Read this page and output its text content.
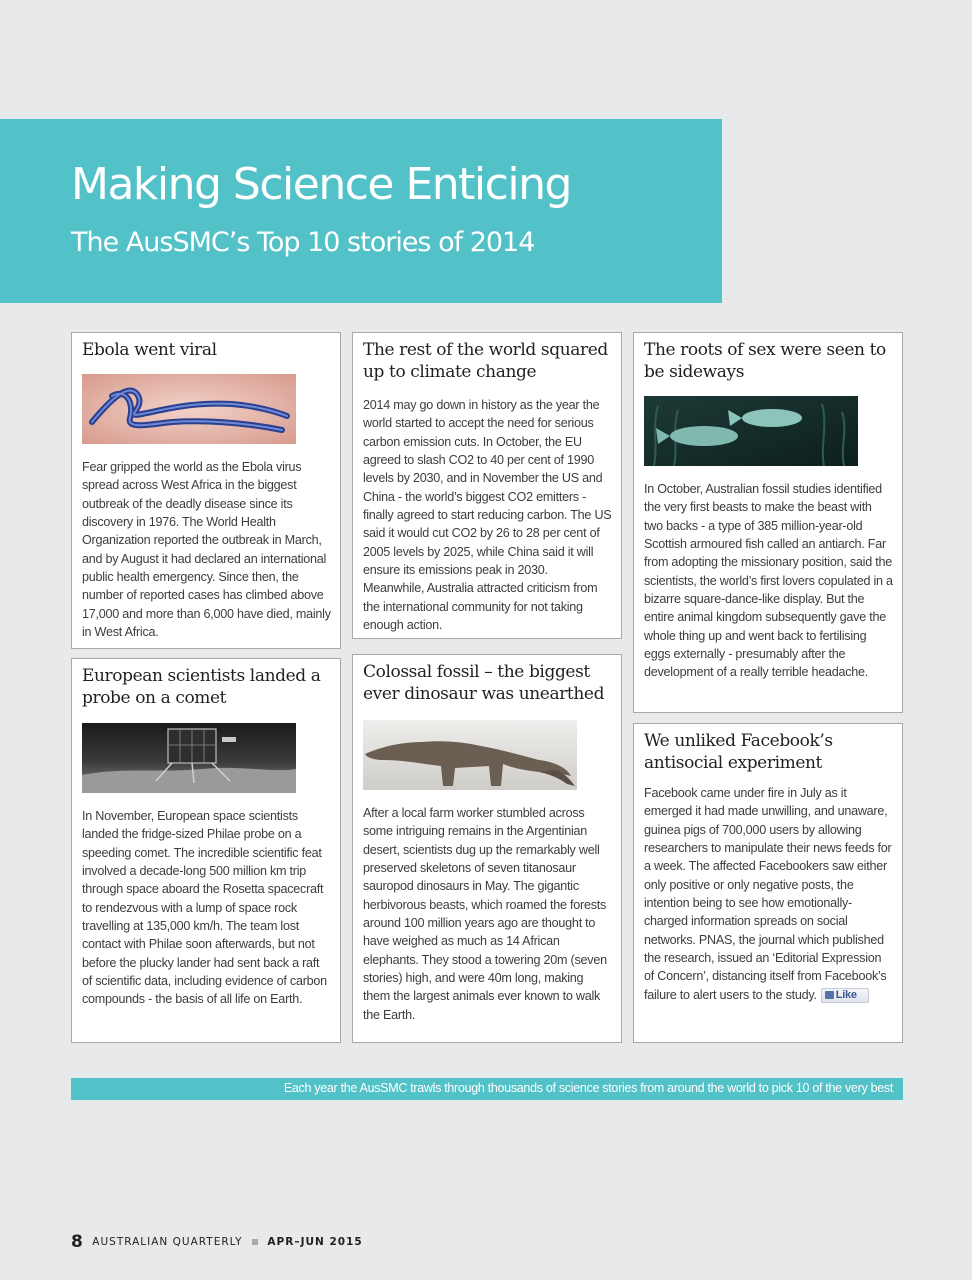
Making Science Enticing
The AusSMC’s Top 10 stories of 2014
Ebola went viral

Fear gripped the world as the Ebola virus spread across West Africa in the biggest outbreak of the deadly disease since its discovery in 1976. The World Health Organization reported the outbreak in March, and by August it had declared an international public health emergency. Since then, the number of reported cases has climbed above 17,000 and more than 6,000 have died, mainly in West Africa.

European scientists landed a probe on a comet

In November, European space scientists landed the fridge-sized Philae probe on a speeding comet. The incredible scientific feat involved a decade-long 500 million km trip through space aboard the Rosetta spacecraft to rendezvous with a lump of space rock travelling at 135,000 km/h. The team lost contact with Philae soon afterwards, but not before the plucky lander had sent back a raft of scientific data, including evidence of carbon compounds - the basis of all life on Earth.

The rest of the world squared up to climate change

2014 may go down in history as the year the world started to accept the need for serious carbon emission cuts. In October, the EU agreed to slash CO2 to 40 per cent of 1990 levels by 2030, and in November the US and China - the world’s biggest CO2 emitters - finally agreed to start reducing carbon. The US said it would cut CO2 by 26 to 28 per cent of 2005 levels by 2025, while China said it will ensure its emissions peak in 2030. Meanwhile, Australia attracted criticism from the international community for not taking enough action.

Colossal fossil – the biggest ever dinosaur was unearthed

After a local farm worker stumbled across some intriguing remains in the Argentinian desert, scientists dug up the remarkably well preserved skeletons of seven titanosaur sauropod dinosaurs in May. The gigantic herbivorous beasts, which roamed the forests around 100 million years ago are thought to have weighed as much as 14 African elephants. They stood a towering 20m (seven stories) high, and were 40m long, making them the largest animals ever known to walk the Earth.

The roots of sex were seen to be sideways

In October, Australian fossil studies identified the very first beasts to make the beast with two backs - a type of 385 million-year-old Scottish armoured fish called an antiarch. Far from adopting the missionary position, said the scientists, the world’s first lovers copulated in a bizarre square-dance-like display. But the entire animal kingdom subsequently gave the whole thing up and went back to fertilising eggs externally - presumably after the development of a really terrible headache.

We unliked Facebook’s antisocial experiment

Facebook came under fire in July as it emerged it had made unwilling, and unaware, guinea pigs of 700,000 users by allowing researchers to manipulate their news feeds for a week. The affected Facebookers saw either only positive or only negative posts, the intention being to see how emotionally-charged information spreads on social networks. PNAS, the journal which published the research, issued an ‘Editorial Expression of Concern’, distancing itself from Facebook’s failure to alert users to the study. Like

Each year the AusSMC trawls through thousands of science stories from around the world to pick 10 of the very best
8 AUSTRALIAN QUARTERLY APR–JUN 2015
